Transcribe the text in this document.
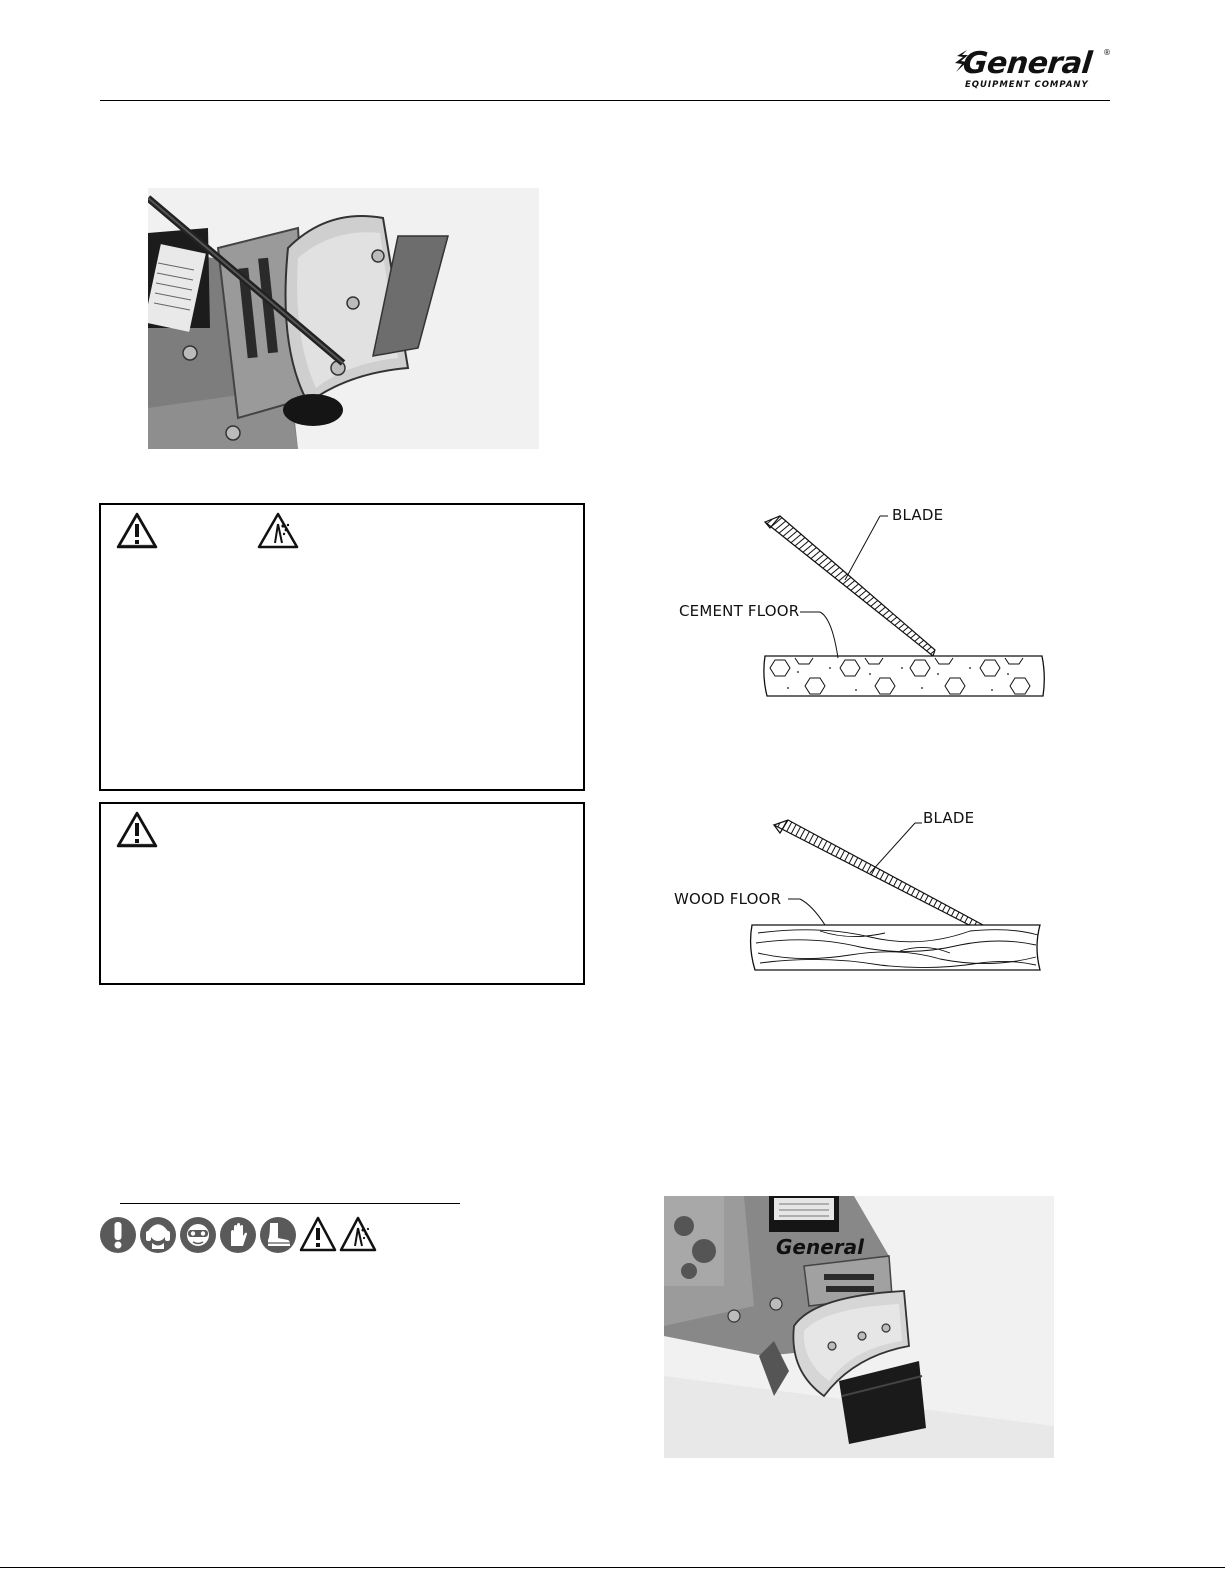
General ®
EQUIPMENT COMPANY
BLADE
CEMENT FLOOR
BLADE
WOOD FLOOR
General
